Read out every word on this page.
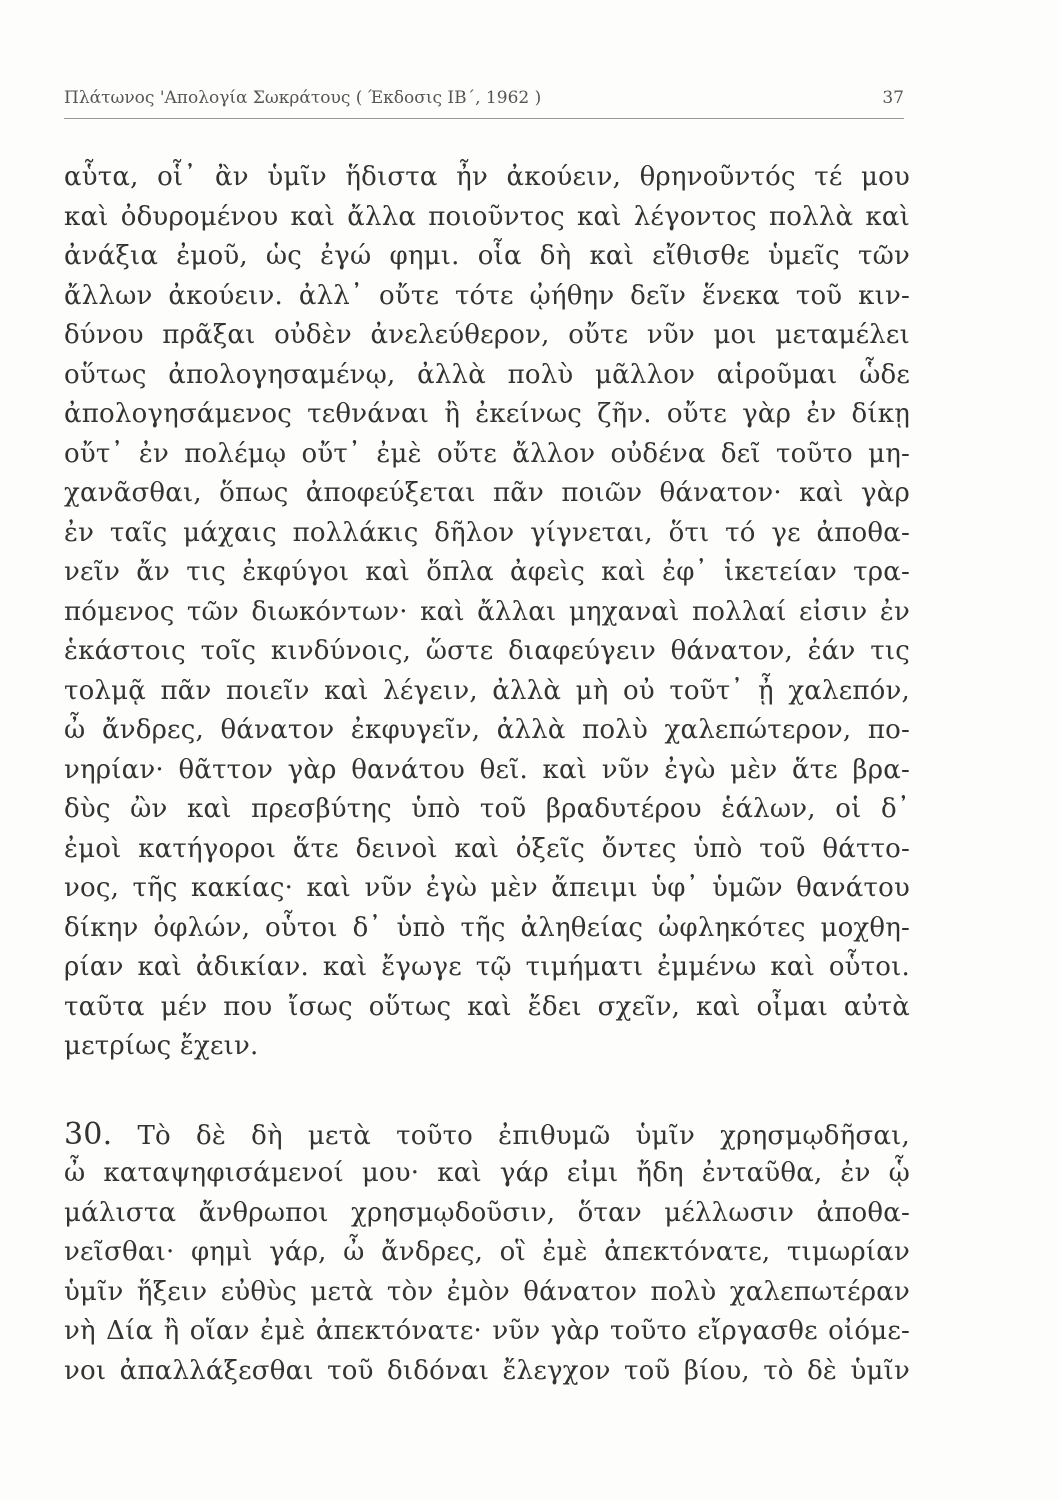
Πλάτωνος 'Απολογία Σωκράτους ( Έκδοσις ΙΒ΄, 1962 )	37
αὗτα, οἷ᾽ ἂν ὑμῖν ἥδιστα ἦν ἀκούειν, θρηνοῦντός τέ μου
καὶ ὀδυρομένου καὶ ἄλλα ποιοῦντος καὶ λέγοντος πολλὰ καὶ
ἀνάξια ἐμοῦ, ὡς ἐγώ φημι. οἷα δὴ καὶ εἴθισθε ὑμεῖς τῶν
ἄλλων ἀκούειν. ἀλλ᾽ οὔτε τότε ᾠήθην δεῖν ἕνεκα τοῦ κιν-
δύνου πρᾶξαι οὐδὲν ἀνελεύθερον, οὔτε νῦν μοι μεταμέλει
οὕτως ἀπολογησαμένῳ, ἀλλὰ πολὺ μᾶλλον αἱροῦμαι ὧδε
ἀπολογησάμενος τεθνάναι ἢ ἐκείνως ζῆν. οὔτε γὰρ ἐν δίκῃ
οὔτ᾽ ἐν πολέμῳ οὔτ᾽ ἐμὲ οὔτε ἄλλον οὐδένα δεῖ τοῦτο μη-
χανᾶσθαι, ὅπως ἀποφεύξεται πᾶν ποιῶν θάνατον· καὶ γὰρ
ἐν ταῖς μάχαις πολλάκις δῆλον γίγνεται, ὅτι τό γε ἀποθα-
νεῖν ἄν τις ἐκφύγοι καὶ ὅπλα ἀφεὶς καὶ ἐφ᾽ ἱκετείαν τρα-
πόμενος τῶν διωκόντων· καὶ ἄλλαι μηχαναὶ πολλαί εἰσιν ἐν
ἑκάστοις τοῖς κινδύνοις, ὥστε διαφεύγειν θάνατον, ἐάν τις
τολμᾷ πᾶν ποιεῖν καὶ λέγειν, ἀλλὰ μὴ οὐ τοῦτ᾽ ᾖ χαλεπόν,
ὦ ἄνδρες, θάνατον ἐκφυγεῖν, ἀλλὰ πολὺ χαλεπώτερον, πο-
νηρίαν· θᾶττον γὰρ θανάτου θεῖ. καὶ νῦν ἐγὼ μὲν ἅτε βρα-
δὺς ὢν καὶ πρεσβύτης ὑπὸ τοῦ βραδυτέρου ἑάλων, οἱ δ᾽
ἐμοὶ κατήγοροι ἅτε δεινοὶ καὶ ὀξεῖς ὄντες ὑπὸ τοῦ θάττο-
νος, τῆς κακίας· καὶ νῦν ἐγὼ μὲν ἄπειμι ὑφ᾽ ὑμῶν θανάτου
δίκην ὀφλών, οὗτοι δ᾽ ὑπὸ τῆς ἀληθείας ὠφληκότες μοχθη-
ρίαν καὶ ἀδικίαν. καὶ ἔγωγε τῷ τιμήματι ἐμμένω καὶ οὗτοι.
ταῦτα μέν που ἴσως οὕτως καὶ ἔδει σχεῖν, καὶ οἶμαι αὐτὰ
μετρίως ἔχειν.
30. Τὸ δὲ δὴ μετὰ τοῦτο ἐπιθυμῶ ὑμῖν χρησμῳδῆσαι,
ὦ καταψηφισάμενοί μου· καὶ γάρ εἰμι ἤδη ἐνταῦθα, ἐν ᾧ
μάλιστα ἄνθρωποι χρησμῳδοῦσιν, ὅταν μέλλωσιν ἀποθα-
νεῖσθαι· φημὶ γάρ, ὦ ἄνδρες, οἳ ἐμὲ ἀπεκτόνατε, τιμωρίαν
ὑμῖν ἥξειν εὐθὺς μετὰ τὸν ἐμὸν θάνατον πολὺ χαλεπωτέραν
νὴ Δία ἢ οἵαν ἐμὲ ἀπεκτόνατε· νῦν γὰρ τοῦτο εἴργασθε οἰόμε-
νοι ἀπαλλάξεσθαι τοῦ διδόναι ἔλεγχον τοῦ βίου, τὸ δὲ ὑμῖν
